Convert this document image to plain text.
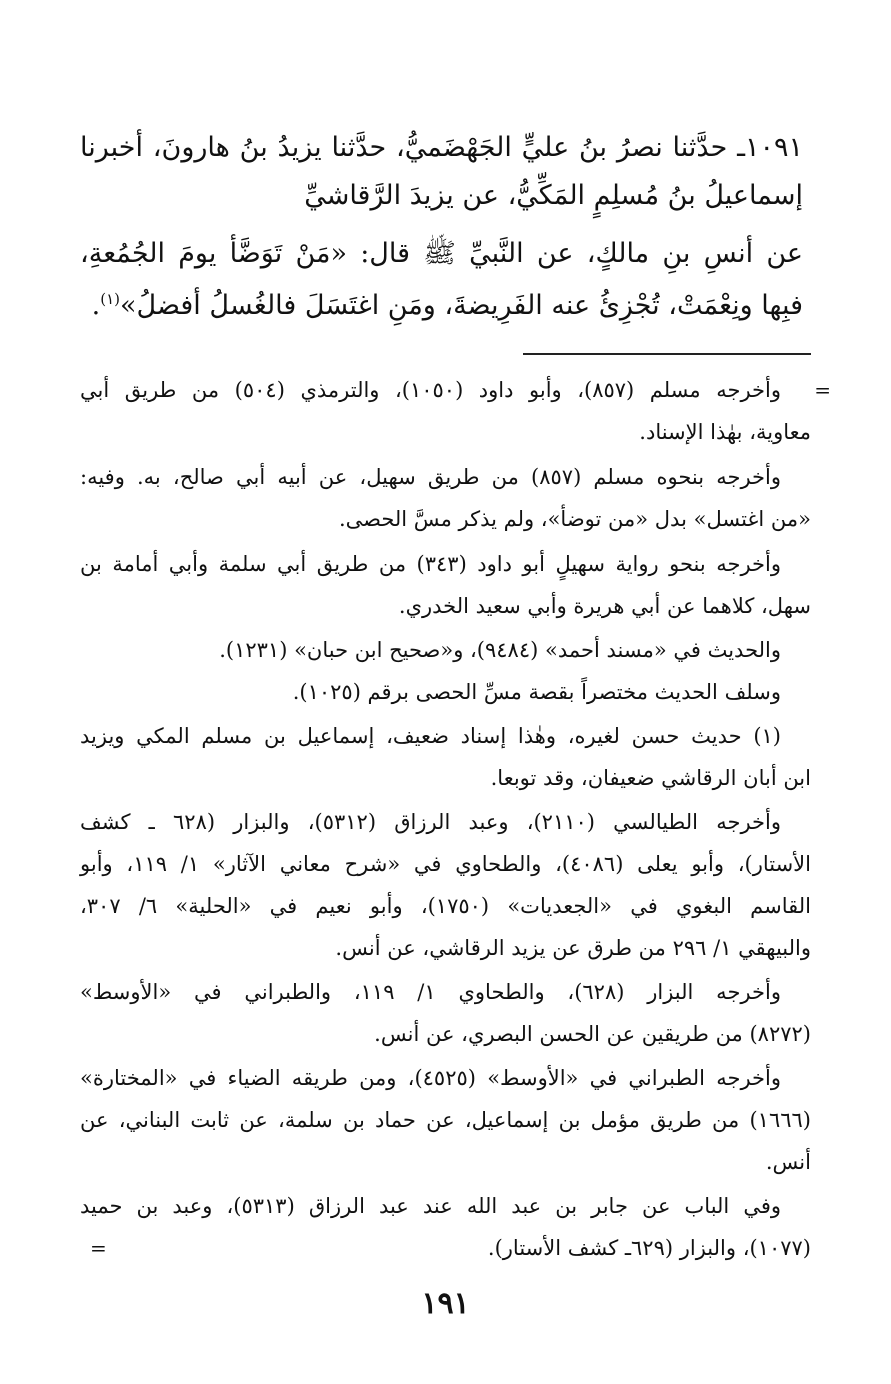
١٠٩١ـ حدَّثنا نصرُ بنُ عليٍّ الجَهْضَميُّ، حدَّثنا يزيدُ بنُ هارونَ، أخبرنا
إسماعيلُ بنُ مُسلِمٍ المَكِّيُّ، عن يزيدَ الرَّقاشيِّ
عن أنسِ بنِ مالكٍ، عن النَّبيِّ ﷺ قال: «مَنْ تَوَضَّأ يومَ الجُمُعةِ،
فبِها ونِعْمَتْ، تُجْزِئُ عنه الفَرِيضةَ، ومَنِ اغتَسَلَ فالغُسلُ أفضلُ»$^{(١)}$.
=
وأخرجه مسلم (٨٥٧)، وأبو داود (١٠٥٠)، والترمذي (٥٠٤) من طريق أبي
معاوية، بهٰذا الإسناد.
وأخرجه بنحوه مسلم (٨٥٧) من طريق سهيل، عن أبيه أبي صالح، به. وفيه:
«من اغتسل» بدل «من توضأ»، ولم يذكر مسَّ الحصى.
وأخرجه بنحو رواية سهيلٍ أبو داود (٣٤٣) من طريق أبي سلمة وأبي أمامة بن
سهل، كلاهما عن أبي هريرة وأبي سعيد الخدري.
والحديث في «مسند أحمد» (٩٤٨٤)، و«صحيح ابن حبان» (١٢٣١).
وسلف الحديث مختصراً بقصة مسِّ الحصى برقم (١٠٢٥).
(١) حديث حسن لغيره، وهٰذا إسناد ضعيف، إسماعيل بن مسلم المكي ويزيد
ابن أبان الرقاشي ضعيفان، وقد توبعا.
وأخرجه الطيالسي (٢١١٠)، وعبد الرزاق (٥٣١٢)، والبزار (٦٢٨ ـ كشف
الأستار)، وأبو يعلى (٤٠٨٦)، والطحاوي في «شرح معاني الآثار» ١/ ١١٩، وأبو
القاسم البغوي في «الجعديات» (١٧٥٠)، وأبو نعيم في «الحلية» ٦/ ٣٠٧،
والبيهقي ١/ ٢٩٦ من طرق عن يزيد الرقاشي، عن أنس.
وأخرجه البزار (٦٢٨)، والطحاوي ١/ ١١٩، والطبراني في «الأوسط»
(٨٢٧٢) من طريقين عن الحسن البصري، عن أنس.
وأخرجه الطبراني في «الأوسط» (٤٥٢٥)، ومن طريقه الضياء في «المختارة»
(١٦٦٦) من طريق مؤمل بن إسماعيل، عن حماد بن سلمة، عن ثابت البناني، عن
أنس.
وفي الباب عن جابر بن عبد الله عند عبد الرزاق (٥٣١٣)، وعبد بن حميد
(١٠٧٧)، والبزار (٦٢٩ـ كشف الأستار).
=
١٩١
